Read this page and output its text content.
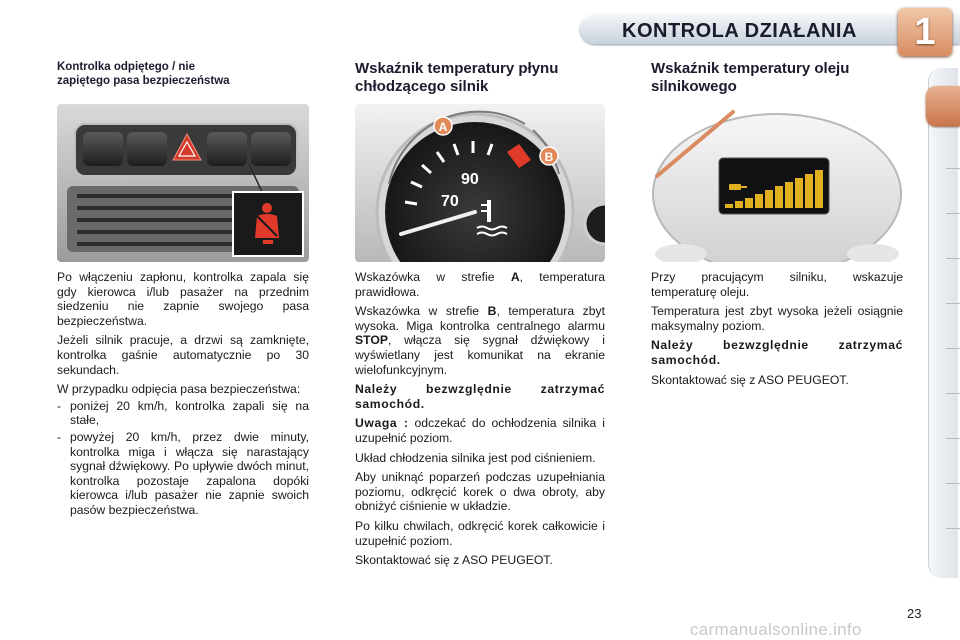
KONTROLA DZIAŁANIA	1
Kontrolka odpiętego / nie
zapiętego pasa bezpieczeństwa

Po włączeniu zapłonu, kontrolka zapala się gdy kierowca i/lub pasażer na przednim siedzeniu nie zapnie swojego pasa bezpieczeństwa.

Jeżeli silnik pracuje, a drzwi są zamknięte, kontrolka gaśnie automatycznie po 30 sekundach.

W przypadku odpięcia pasa bezpieczeństwa:

- poniżej 20 km/h, kontrolka zapali się na stałe,
- powyżej 20 km/h, przez dwie minuty, kontrolka miga i włącza się narastający sygnał dźwiękowy. Po upływie dwóch minut, kontrolka pozostaje zapalona dopóki kierowca i/lub pasażer nie zapnie swoich pasów bezpieczeństwa.
Wskaźnik temperatury płynu
chłodzącego silnik
A
B
70
90

Wskazówka w strefie A, temperatura prawidłowa.

Wskazówka w strefie B, temperatura zbyt wysoka. Miga kontrolka centralnego alarmu STOP, włącza się sygnał dźwiękowy i wyświetlany jest komunikat na ekranie wielofunkcyjnym.

Należy bezwzględnie zatrzymać samochód.

Uwaga : odczekać do ochłodzenia silnika i uzupełnić poziom.

Układ chłodzenia silnika jest pod ciśnieniem.

Aby uniknąć poparzeń podczas uzupełniania poziomu, odkręcić korek o dwa obroty, aby obniżyć ciśnienie w układzie.

Po kilku chwilach, odkręcić korek całkowicie i uzupełnić poziom.

Skontaktować się z ASO PEUGEOT.

Wskaźnik temperatury oleju
silnikowego

Przy pracującym silniku, wskazuje temperaturę oleju.

Temperatura jest zbyt wysoka jeżeli osiągnie maksymalny poziom.

Należy bezwzględnie zatrzymać samochód.

Skontaktować się z ASO PEUGEOT.

23
carmanualsonline.info
